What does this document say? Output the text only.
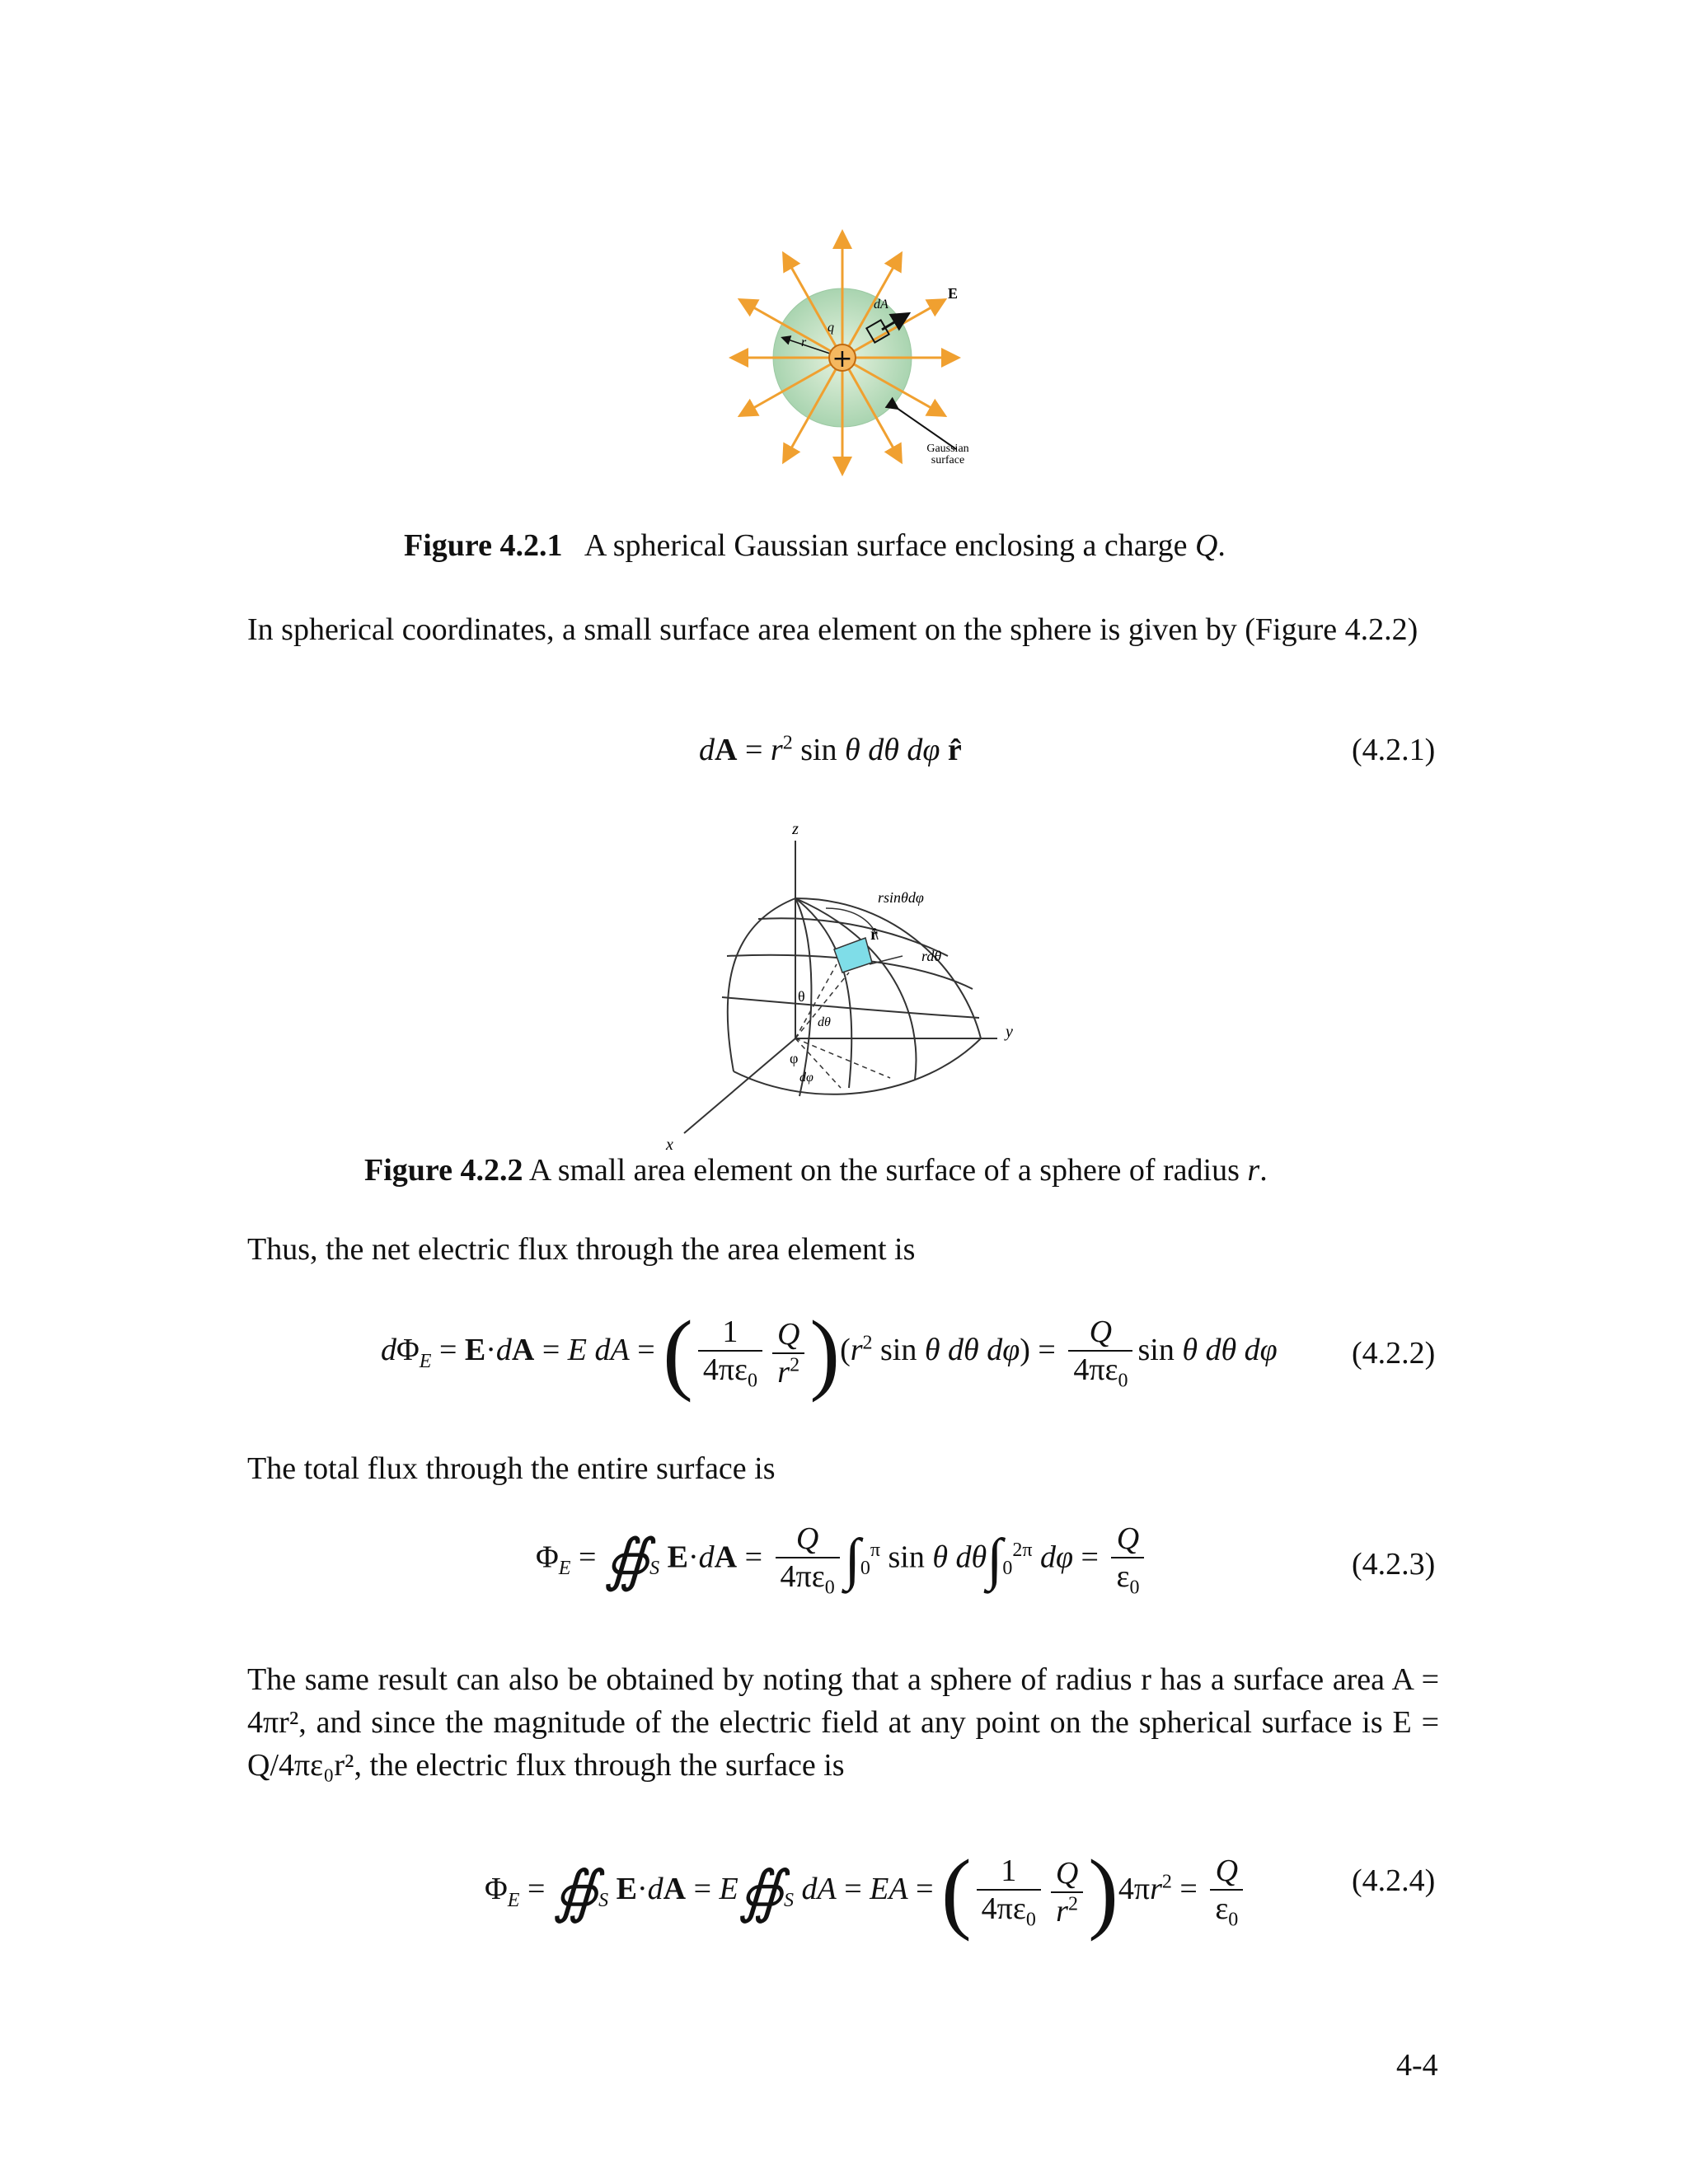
+
dA
E
q
r
Gaussian
surface
Figure 4.2.1 A spherical Gaussian surface enclosing a charge Q.
In spherical coordinates, a small surface area element on the sphere is given by (Figure 4.2.2)
dA = $r^2$ sin θ dθ dφ r̂	(4.2.1)
rsinθdφ
r̂
rdθ
z
y
x
θ
dθ
φ
dφ
Figure 4.2.2 A small area element on the surface of a sphere of radius r.
Thus, the net electric flux through the area element is
$d\Phi_E = E\cdot dA = E$ dA = ( $\frac{1}{4\pi\varepsilon_0} \frac{Q}{r^2} )(r^2$ sin θ dθ $d\varphi) = \frac{Q}{4\pi\varepsilon_0}$ sin θ dθ dφ (4.2.2)
The total flux through the entire surface is
$\Phi_E$ = $∯_S$ $E\cdot dA = \frac{Q}{4\pi\varepsilon_0} \int_0^\pi$ sin θ $d\theta\int_0^{2\pi}$ $d\varphi = \frac{Q}{\varepsilon_0}$	(4.2.3)
The same result can also be obtained by noting that a sphere of radius r has a surface area A = 4πr², and since the magnitude of the electric field at any point on the spherical surface is E = Q/4πε₀r², the electric flux through the surface is
$\Phi_E$ = $∯_S$ $E\cdot dA = E∯_S$ dA = EA = ( $\frac{1}{4\pi\varepsilon_0} \frac{Q}{r^2} )4\pi r^2 = \frac{Q}{\varepsilon_0}$	(4.2.4)
4-4
